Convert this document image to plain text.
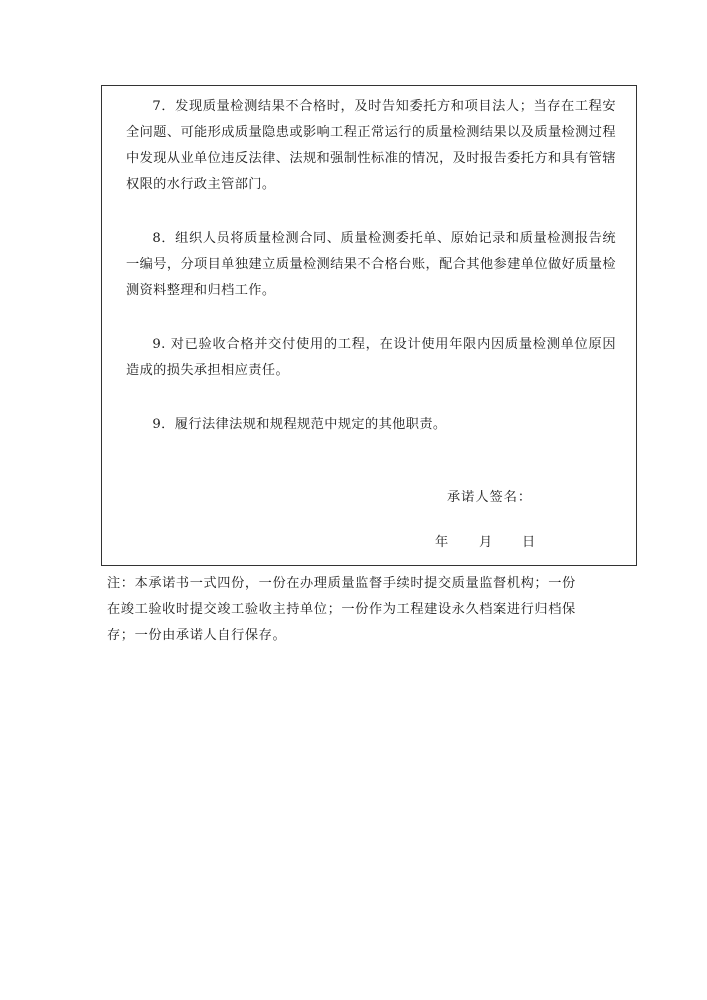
7．发现质量检测结果不合格时，及时告知委托方和项目法人；当存在工程安全问题、可能形成质量隐患或影响工程正常运行的质量检测结果以及质量检测过程中发现从业单位违反法律、法规和强制性标准的情况，及时报告委托方和具有管辖权限的水行政主管部门。

8．组织人员将质量检测合同、质量检测委托单、原始记录和质量检测报告统一编号，分项目单独建立质量检测结果不合格台账，配合其他参建单位做好质量检测资料整理和归档工作。

9. 对已验收合格并交付使用的工程，在设计使用年限内因质量检测单位原因造成的损失承担相应责任。

9．履行法律法规和规程规范中规定的其他职责。

承诺人签名：

年 月 日

注：本承诺书一式四份，一份在办理质量监督手续时提交质量监督机构；一份
在竣工验收时提交竣工验收主持单位；一份作为工程建设永久档案进行归档保
存；一份由承诺人自行保存。
